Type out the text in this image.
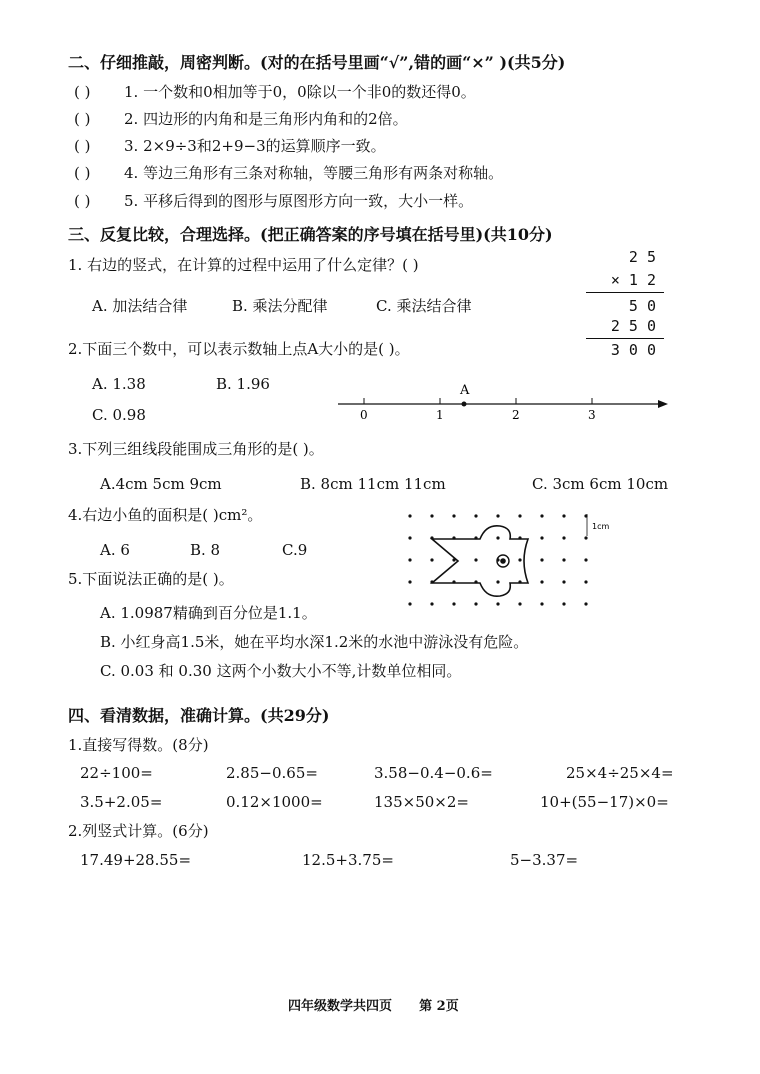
二、仔细推敲，周密判断。(对的在括号里画“√”,错的画“×” )(共5分)
( ) 1. 一个数和0相加等于0，0除以一个非0的数还得0。
( ) 2. 四边形的内角和是三角形内角和的2倍。
( ) 3. 2×9÷3和2+9−3的运算顺序一致。
( ) 4. 等边三角形有三条对称轴，等腰三角形有两条对称轴。
( ) 5. 平移后得到的图形与原图形方向一致，大小一样。
三、反复比较，合理选择。(把正确答案的序号填在括号里)(共10分)
1. 右边的竖式，在计算的过程中运用了什么定律？( )
A. 加法结合律	B. 乘法分配律	C. 乘法结合律
2 5
× 1 2
5 0
2 5 0
3 0 0
2.下面三个数中，可以表示数轴上点A大小的是( )。
A. 1.38	B. 1.96
C. 0.98
A
0	1	2	3
3.下列三组线段能围成三角形的是( )。
A.4cm 5cm 9cm	B. 8cm 11cm 11cm	C. 3cm 6cm 10cm
4.右边小鱼的面积是( )cm²。
A. 6	B. 8	C.9
1cm
5.下面说法正确的是( )。
A. 1.0987精确到百分位是1.1。
B. 小红身高1.5米，她在平均水深1.2米的水池中游泳没有危险。
C. 0.03 和 0.30 这两个小数大小不等,计数单位相同。
四、看清数据，准确计算。(共29分)
1.直接写得数。(8分)
22÷100=	2.85−0.65=	3.58−0.4−0.6=	25×4÷25×4=
3.5+2.05=	0.12×1000=	135×50×2=	10+(55−17)×0=
2.列竖式计算。(6分)
17.49+28.55=	12.5+3.75=	5−3.37=
四年级数学共四页      第 2页
